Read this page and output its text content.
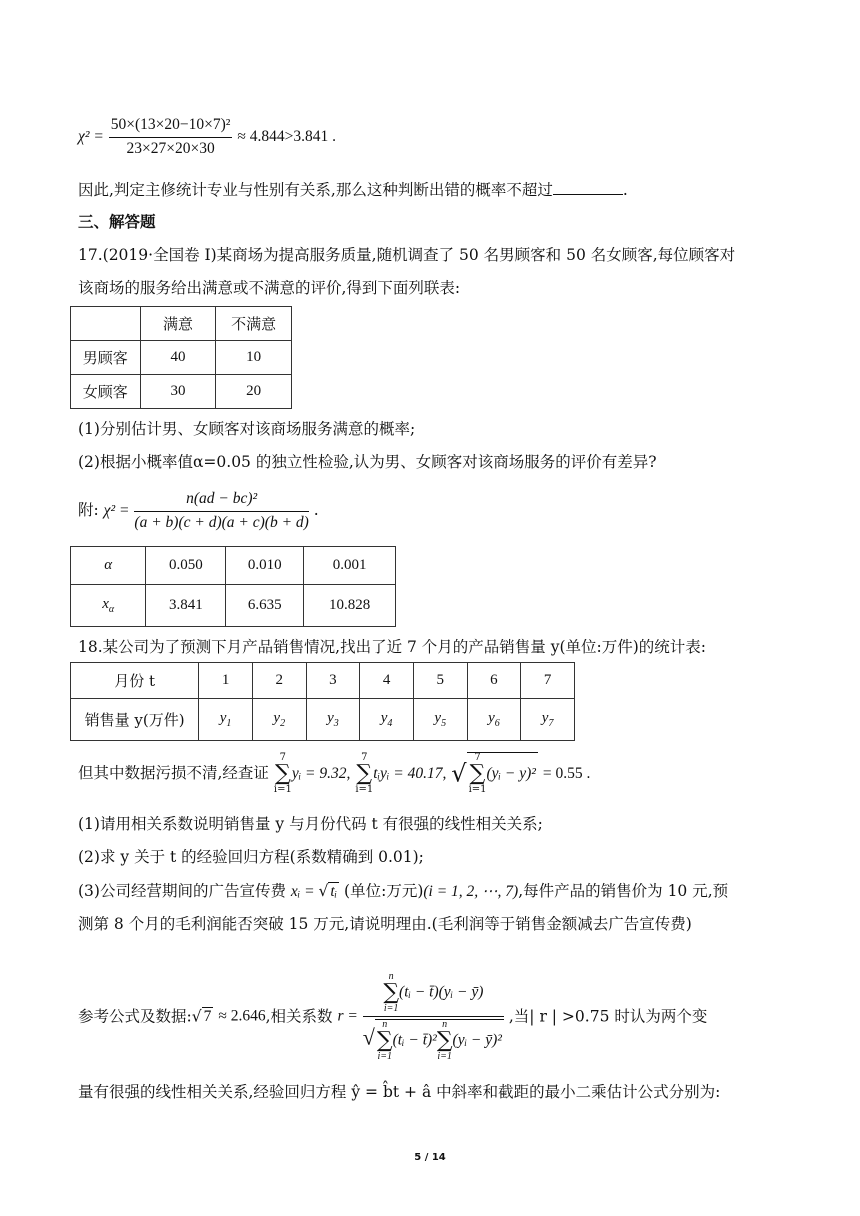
$\chi^2 = \frac{\text{50×(13×20−10×7)²}}{23\times 27\times 20\times 30} \approx 4.844>3.841$ .
因此,判定主修统计专业与性别有关系,那么这种判断出错的概率不超过	.
三、解答题
17.(2019·全国卷 I)某商场为提高服务质量,随机调查了 50 名男顾客和 50 名女顾客,每位顾客对
该商场的服务给出满意或不满意的评价,得到下面列联表:
	满意	不满意
男顾客	40	10
女顾客	30	20
(1)分别估计男、女顾客对该商场服务满意的概率;
(2)根据小概率值α=0.05 的独立性检验,认为男、女顾客对该商场服务的评价有差异?
附: $\chi^2 = \frac{\text{n(ad − bc)²}}{(a + b)(c + d)(a + c)(b + d)}$ .
α	0.050	0.010	0.001
$x_\alpha$	3.841	6.635	10.828
18.某公司为了预测下月产品销售情况,找出了近 7 个月的产品销售量 y(单位:万件)的统计表:
月份 t	1	2	3	4	5	6	7
销售量 y(万件)	$y_1$	$y_2$	$y_3$	$y_4$	$y_5$	$y_6$	$y_7$
但其中数据污损不清,经查证
7
∑
i=1
yᵢ = 9.32,
7
∑
i=1
tᵢyᵢ = 40.17, √
7
∑
i=1
(yᵢ − y)² = 0.55 .
(1)请用相关系数说明销售量 y 与月份代码 t 有很强的线性相关关系;
(2)求 y 关于 t 的经验回归方程(系数精确到 0.01);
(3)公司经营期间的广告宣传费 xᵢ = √ tᵢ (单位:万元)(i = 1, 2, ⋯, 7),每件产品的销售价为 10 元,预
测第 8 个月的毛利润能否突破 15 万元,请说明理由.(毛利润等于销售金额减去广告宣传费)
参考公式及数据:√ 7 ≈ 2.646,相关系数 r = n
∑
i=1
(tᵢ − t̄)(yᵢ − ȳ)
√
n
∑
i=1
(tᵢ − t̄)²
n
∑
i=1
(yᵢ − ȳ)² ,当| r | >0.75 时认为两个变
量有很强的线性相关关系,经验回归方程 ŷ = b̂t + â 中斜率和截距的最小二乘估计公式分别为:
5 / 14
